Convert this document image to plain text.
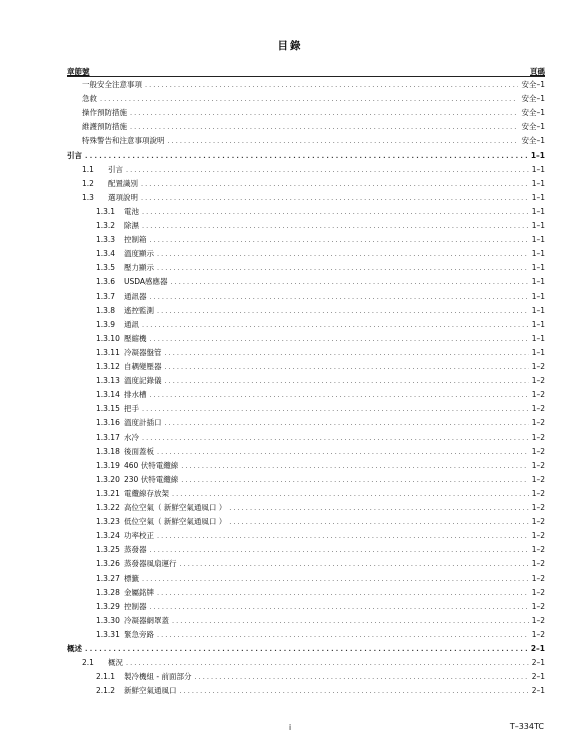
目錄
章節號	頁碼
一般安全注意事項 . . .	安全–1
急救 . . .	安全–1
操作預防措施 . . .	安全–1
維護預防措施 . . .	安全–1
特殊警告和注意事項說明 . . .	安全–1
引言 . . .	1–1
1.1	引言 . . .	1–1
1.2	配置識別 . . .	1–1
1.3	選項說明 . . .	1–1
1.3.1	電池 . . .	1–1
1.3.2	除濕 . . .	1–1
1.3.3	控制箱 . . .	1–1
1.3.4	溫度顯示 . . .	1–1
1.3.5	壓力顯示 . . .	1–1
1.3.6	USDA感應器 . . .	1–1
1.3.7	通訊器 . . .	1–1
1.3.8	遙控監測 . . .	1–1
1.3.9	通訊 . . .	1–1
1.3.10 壓縮機 . . .	1–1
1.3.11 冷凝器盤管 . . .	1–1
1.3.12 自耦變壓器 . . .	1–2
1.3.13 溫度記錄儀 . . .	1–2
1.3.14 排水槽 . . .	1–2
1.3.15 把手 . . .	1–2
1.3.16 溫度計插口 . . .	1–2
1.3.17 水冷 . . .	1–2
1.3.18 後面蓋板 . . .	1–2
1.3.19 460 伏特電纜線 . . .	1–2
1.3.20 230 伏特電纜線 . . .	1–2
1.3.21 電纜線存放架 . . .	1–2
1.3.22 高位空氣（ 新鮮空氣通風口 ） . . .	1–2
1.3.23 低位空氣（ 新鮮空氣通風口 ） . . .	1–2
1.3.24 功率校正 . . .	1–2
1.3.25 蒸發器 . . .	1–2
1.3.26 蒸發器風扇運行 . . .	1–2
1.3.27 標籤 . . .	1–2
1.3.28 金屬銘牌 . . .	1–2
1.3.29 控制器 . . .	1–2
1.3.30 冷凝器網罩蓋 . . .	1–2
1.3.31 緊急旁路 . . .	1–2
概述 . . .	2–1
2.1	概況 . . .	2–1
2.1.1	製冷機組 - 前面部分 . . .	2–1
2.1.2	新鮮空氣通風口 . . .	2–1
i	T–334TC
